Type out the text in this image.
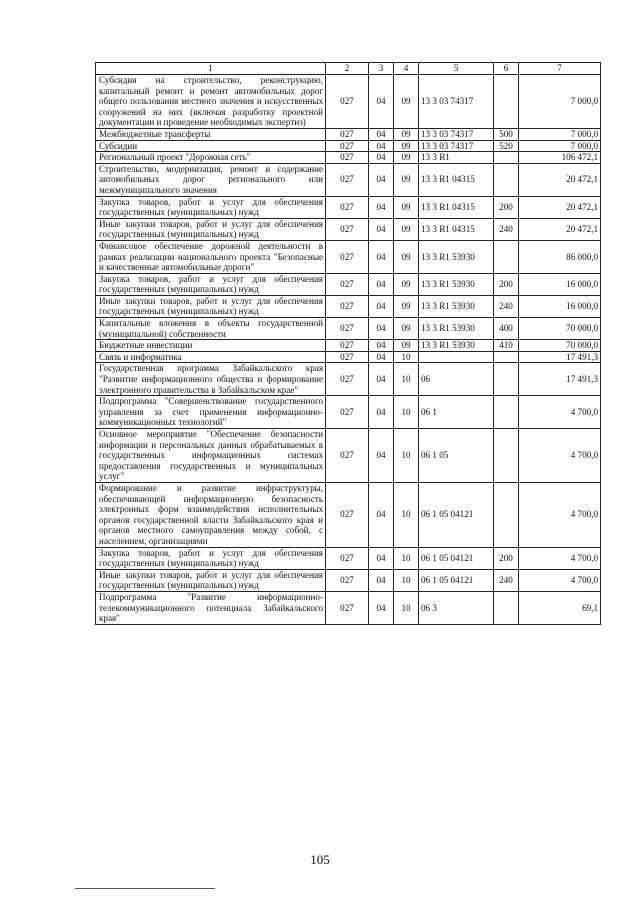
1	2	3	4	5	6	7
Субсидия на строительство, реконструкцию, капитальный ремонт и ремонт автомобильных дорог общего пользования местного значения и искусственных сооружений на них (включая разработку проектной документации и проведение необходимых экспертиз)	027	04	09	13 3 03 74317		7 000,0
Межбюджетные трансферты	027	04	09	13 3 03 74317	500	7 000,0
Субсидии	027	04	09	13 3 03 74317	520	7 000,0
Региональный проект "Дорожная сеть"	027	04	09	13 3 R1		106 472,1
Строительство, модернизация, ремонт и содержание автомобильных дорог регионального или межмуниципального значения	027	04	09	13 3 R1 04315		20 472,1
Закупка товаров, работ и услуг для обеспечения государственных (муниципальных) нужд	027	04	09	13 3 R1 04315	200	20 472,1
Иные закупки товаров, работ и услуг для обеспечения государственных (муниципальных) нужд	027	04	09	13 3 R1 04315	240	20 472,1
Финансовое обеспечение дорожной деятельности в рамках реализации национального проекта "Безопасные и качественные автомобильные дороги"	027	04	09	13 3 R1 53930		86 000,0
Закупка товаров, работ и услуг для обеспечения государственных (муниципальных) нужд	027	04	09	13 3 R1 53930	200	16 000,0
Иные закупки товаров, работ и услуг для обеспечения государственных (муниципальных) нужд	027	04	09	13 3 R1 53930	240	16 000,0
Капитальные вложения в объекты государственной (муниципальной) собственности	027	04	09	13 3 R1 53930	400	70 000,0
Бюджетные инвестиции	027	04	09	13 3 R1 53930	410	70 000,0
Связь и информатика	027	04	10			17 491,3
Государственная программа Забайкальского края "Развитие информационного общества и формирование электронного правительства в Забайкальском крае"	027	04	10	06		17 491,3
Подпрограмма "Совершенствование государственного управления за счет применения информационно-коммуникационных технологий"	027	04	10	06 1		4 700,0
Основное мероприятие "Обеспечение безопасности информации и персональных данных обрабатываемых в государственных информационных системах предоставления государственных и муниципальных услуг"	027	04	10	06 1 05		4 700,0
Формирование и развитие инфраструктуры, обеспечивающей информационную безопасность электронных форм взаимодействия исполнительных органов государственной власти Забайкальского края и органов местного самоуправления между собой, с населением, организациями	027	04	10	06 1 05 04121		4 700,0
Закупка товаров, работ и услуг для обеспечения государственных (муниципальных) нужд	027	04	10	06 1 05 04121	200	4 700,0
Иные закупки товаров, работ и услуг для обеспечения государственных (муниципальных) нужд	027	04	10	06 1 05 04121	240	4 700,0
Подпрограмма "Развитие информационно-телекоммуникационного потенциала Забайкальского края"	027	04	10	06 3		69,1
105
